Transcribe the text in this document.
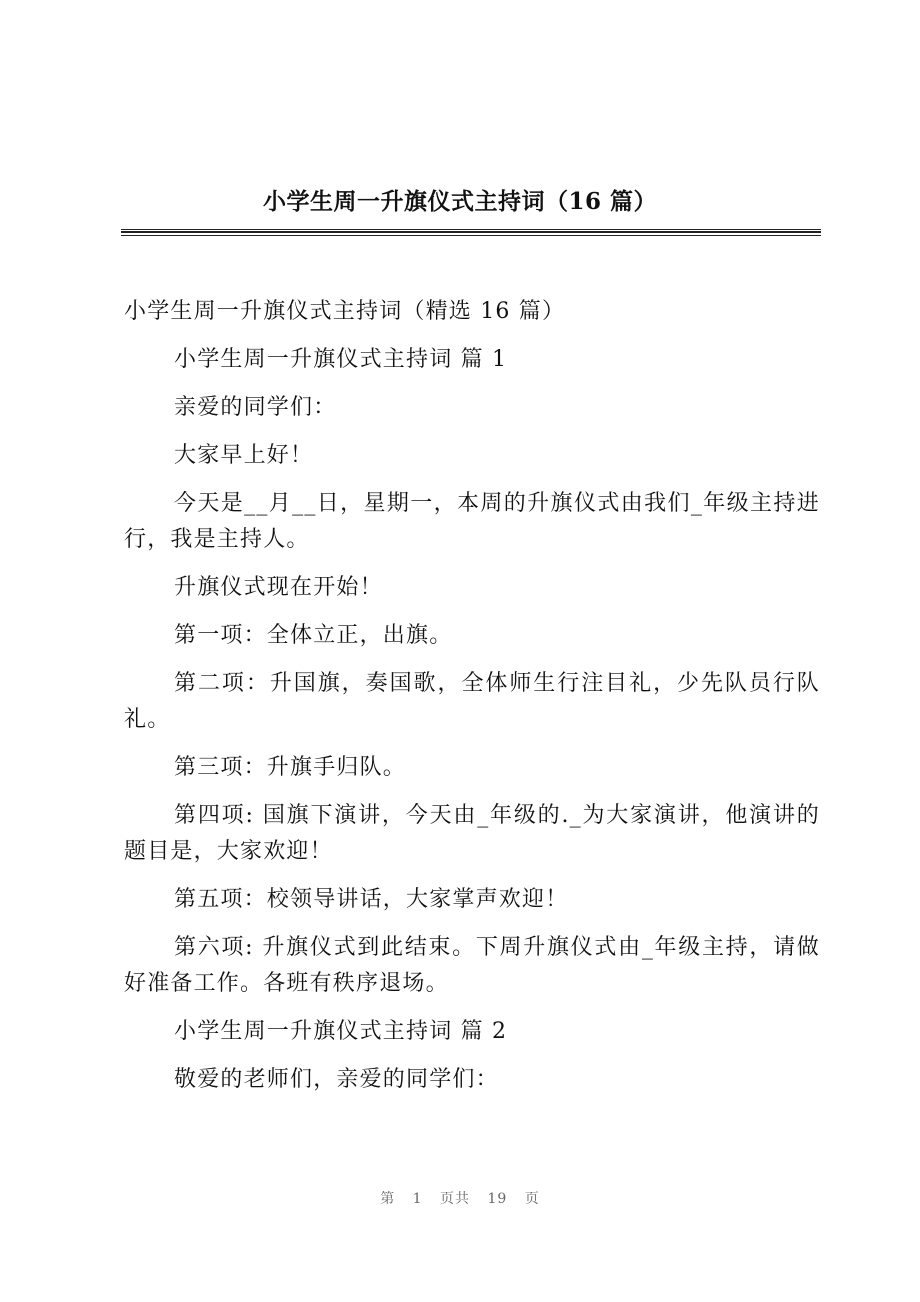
小学生周一升旗仪式主持词（16 篇）

小学生周一升旗仪式主持词（精选 16 篇）

小学生周一升旗仪式主持词 篇 1

亲爱的同学们：

大家早上好！

今天是__月__日，星期一，本周的升旗仪式由我们_年级主持进行，我是主持人。

升旗仪式现在开始！

第一项：全体立正，出旗。

第二项：升国旗，奏国歌，全体师生行注目礼，少先队员行队礼。

第三项：升旗手归队。

第四项: 国旗下演讲，今天由_年级的._为大家演讲，他演讲的题目是，大家欢迎！

第五项：校领导讲话，大家掌声欢迎！

第六项: 升旗仪式到此结束。下周升旗仪式由_年级主持，请做好准备工作。各班有秩序退场。

小学生周一升旗仪式主持词 篇 2

敬爱的老师们，亲爱的同学们：

第 1 页共 19 页
